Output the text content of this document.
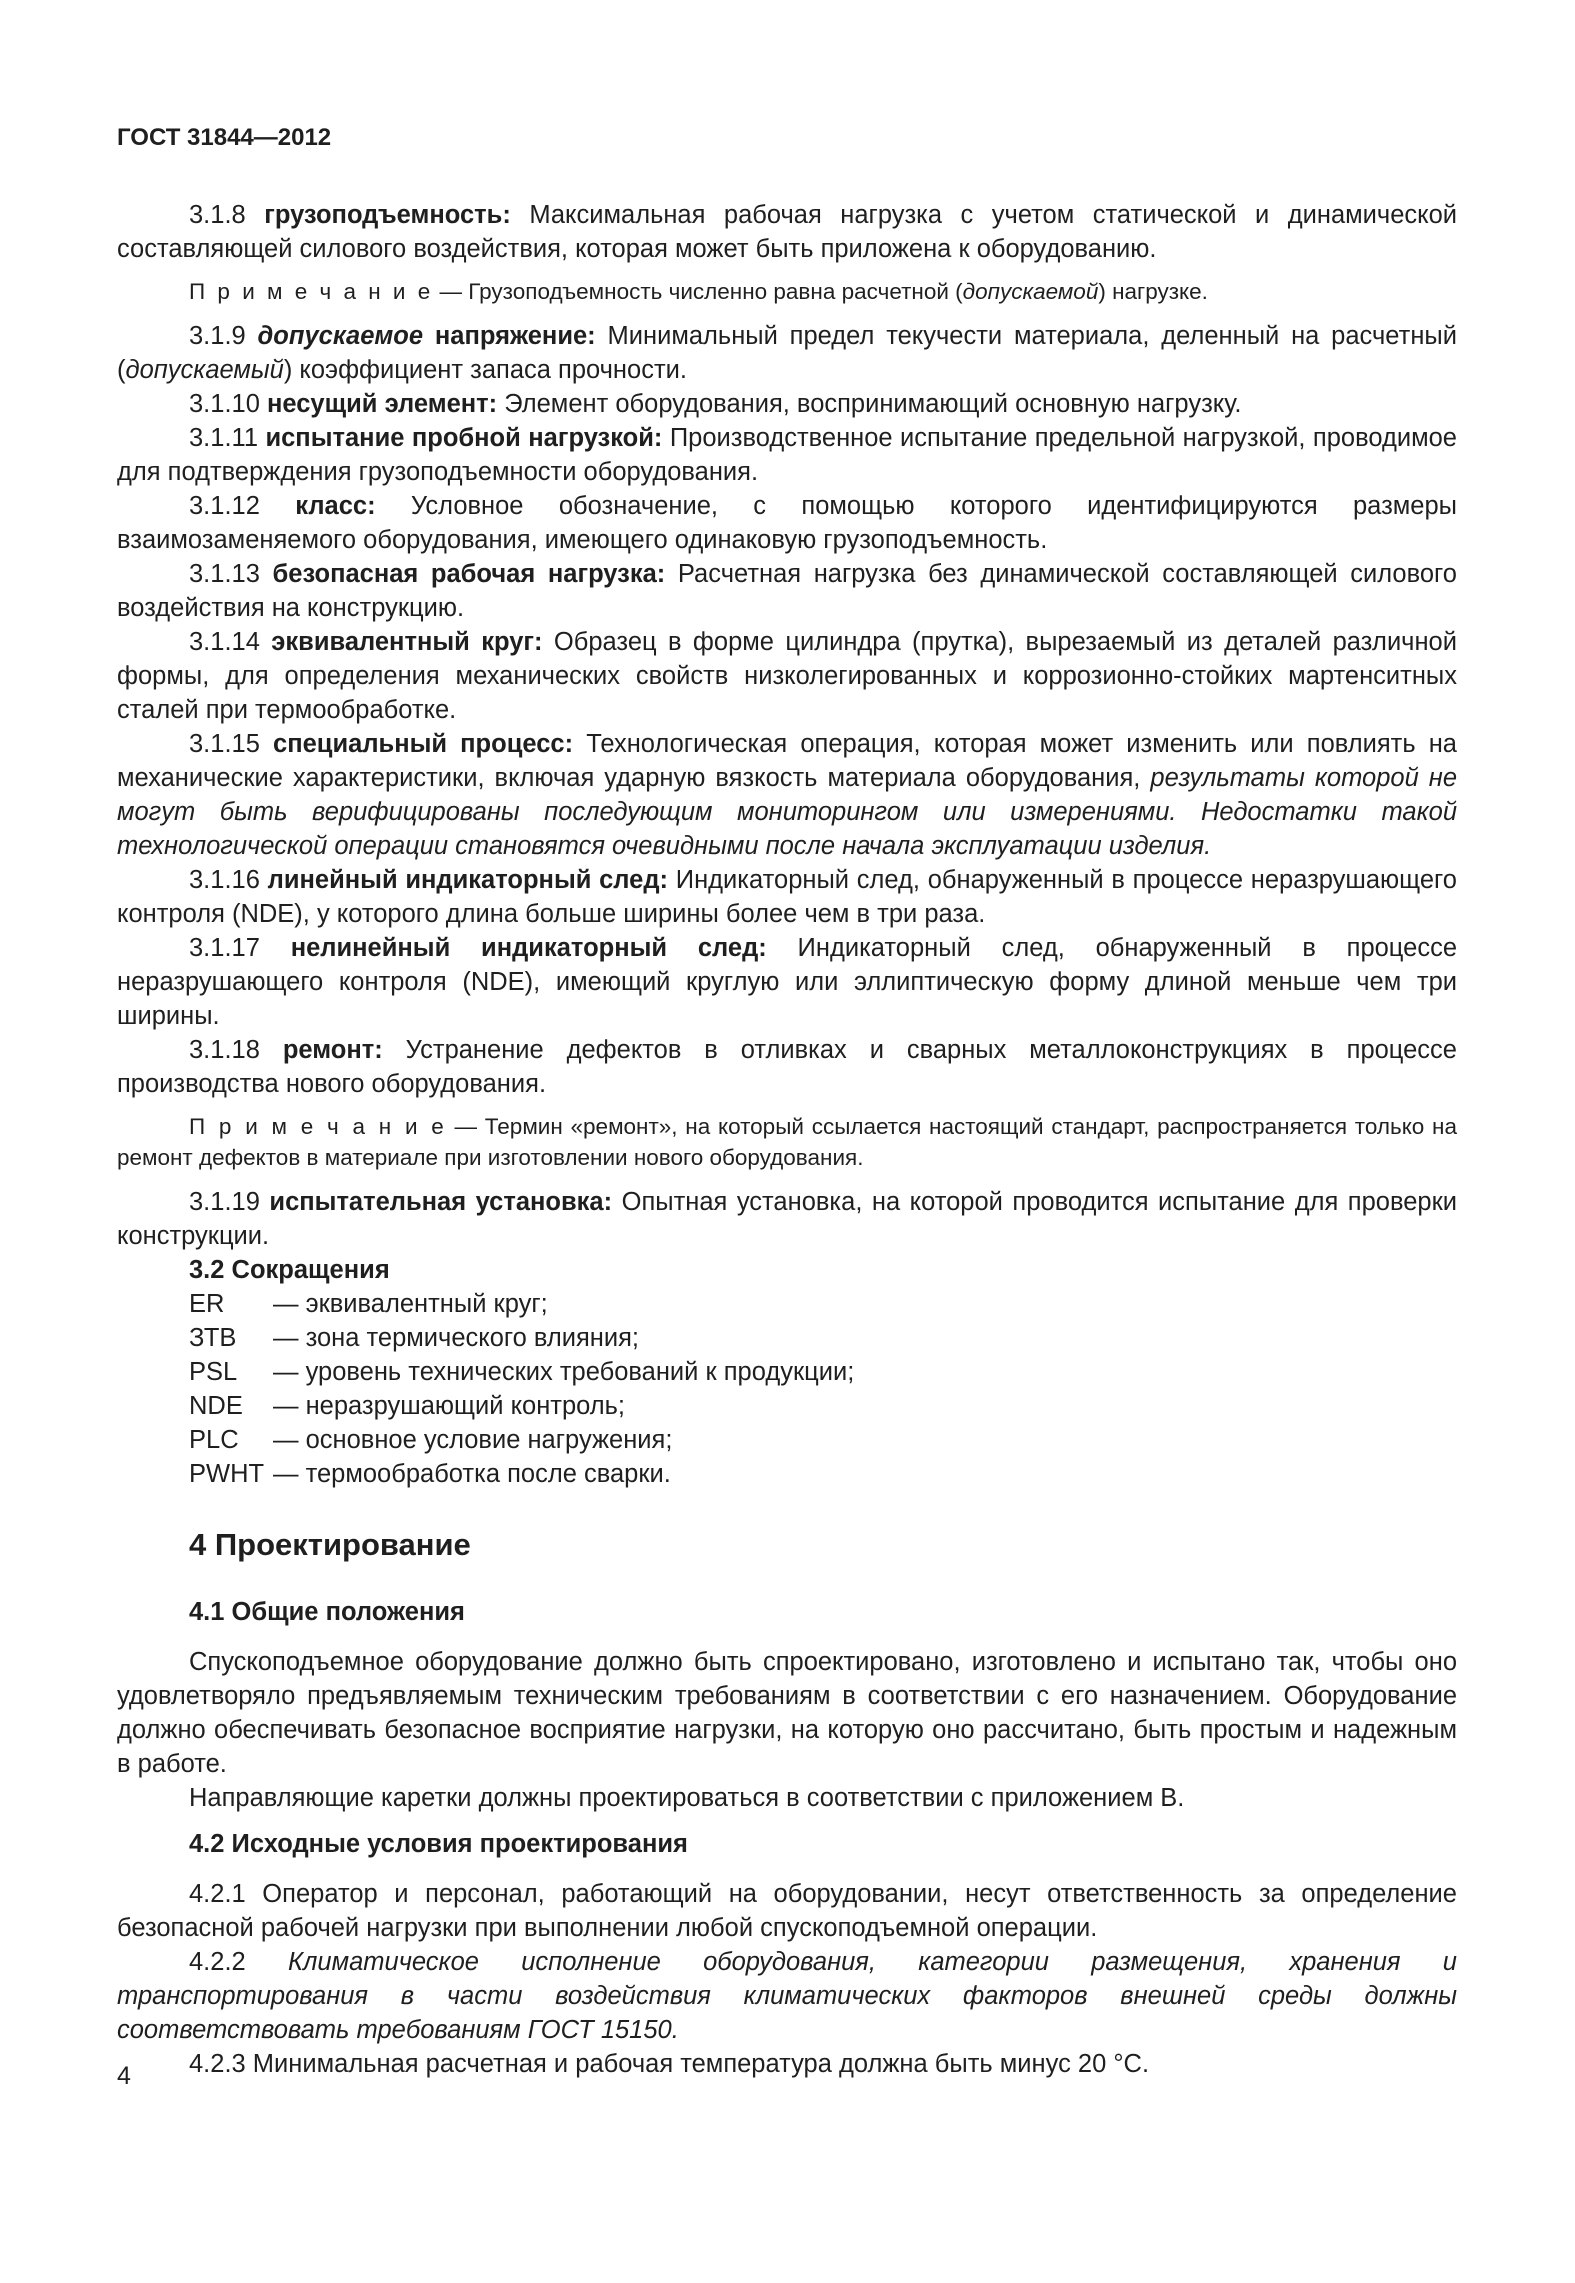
ГОСТ 31844—2012

3.1.8 грузоподъемность: Максимальная рабочая нагрузка с учетом статической и динамической составляющей силового воздействия, которая может быть приложена к оборудованию.

П р и м е ч а н и е — Грузоподъемность численно равна расчетной (допускаемой) нагрузке.

3.1.9 допускаемое напряжение: Минимальный предел текучести материала, деленный на расчетный (допускаемый) коэффициент запаса прочности.

3.1.10 несущий элемент: Элемент оборудования, воспринимающий основную нагрузку.

3.1.11 испытание пробной нагрузкой: Производственное испытание предельной нагрузкой, проводимое для подтверждения грузоподъемности оборудования.

3.1.12 класс: Условное обозначение, с помощью которого идентифицируются размеры взаимозаменяемого оборудования, имеющего одинаковую грузоподъемность.

3.1.13 безопасная рабочая нагрузка: Расчетная нагрузка без динамической составляющей силового воздействия на конструкцию.

3.1.14 эквивалентный круг: Образец в форме цилиндра (прутка), вырезаемый из деталей различной формы, для определения механических свойств низколегированных и коррозионно-стойких мартенситных сталей при термообработке.

3.1.15 специальный процесс: Технологическая операция, которая может изменить или повлиять на механические характеристики, включая ударную вязкость материала оборудования, результаты которой не могут быть верифицированы последующим мониторингом или измерениями. Недостатки такой технологической операции становятся очевидными после начала эксплуатации изделия.

3.1.16 линейный индикаторный след: Индикаторный след, обнаруженный в процессе неразрушающего контроля (NDE), у которого длина больше ширины более чем в три раза.

3.1.17 нелинейный индикаторный след: Индикаторный след, обнаруженный в процессе неразрушающего контроля (NDE), имеющий круглую или эллиптическую форму длиной меньше чем три ширины.

3.1.18 ремонт: Устранение дефектов в отливках и сварных металлоконструкциях в процессе производства нового оборудования.

П р и м е ч а н и е — Термин «ремонт», на который ссылается настоящий стандарт, распространяется только на ремонт дефектов в материале при изготовлении нового оборудования.

3.1.19 испытательная установка: Опытная установка, на которой проводится испытание для проверки конструкции.

3.2 Сокращения

ER	— эквивалентный круг;
ЗТВ	— зона термического влияния;
PSL	— уровень технических требований к продукции;
NDE	— неразрушающий контроль;
PLC	— основное условие нагружения;
PWHT — термообработка после сварки.
4 Проектирование

4.1 Общие положения

Спускоподъемное оборудование должно быть спроектировано, изготовлено и испытано так, чтобы оно удовлетворяло предъявляемым техническим требованиям в соответствии с его назначением. Оборудование должно обеспечивать безопасное восприятие нагрузки, на которую оно рассчитано, быть простым и надежным в работе.

Направляющие каретки должны проектироваться в соответствии с приложением В.

4.2 Исходные условия проектирования

4.2.1 Оператор и персонал, работающий на оборудовании, несут ответственность за определение безопасной рабочей нагрузки при выполнении любой спускоподъемной операции.

4.2.2 Климатическое исполнение оборудования, категории размещения, хранения и транспортирования в части воздействия климатических факторов внешней среды должны соответствовать требованиям ГОСТ 15150.

4.2.3 Минимальная расчетная и рабочая температура должна быть минус 20 °С.

4
